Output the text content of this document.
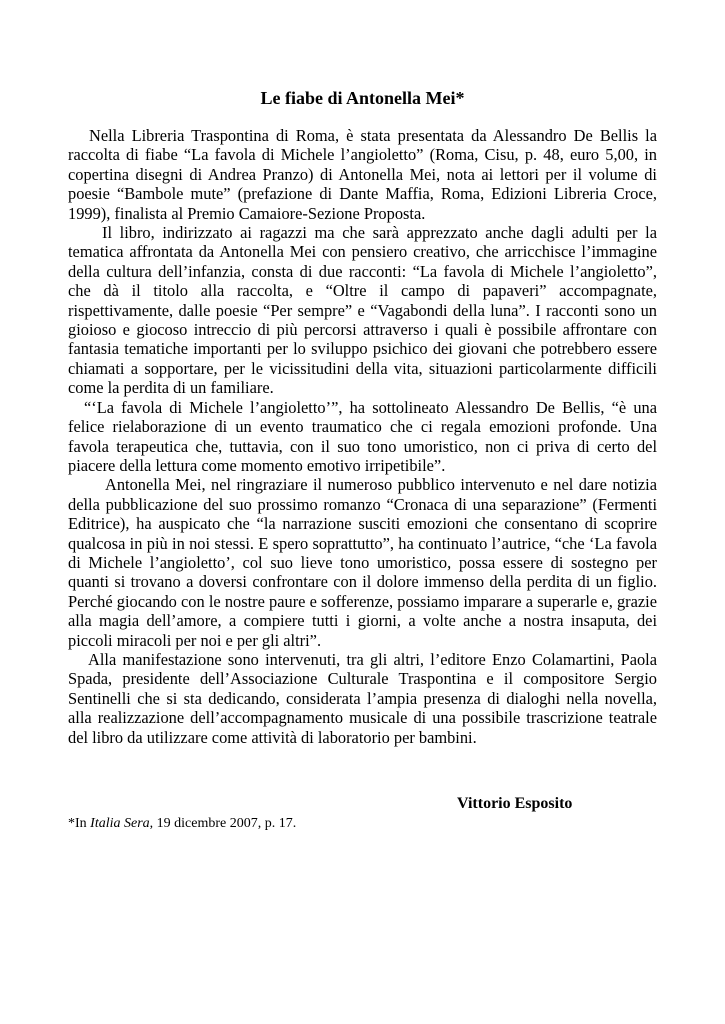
Le fiabe di Antonella Mei*

Nella Libreria Traspontina di Roma, è stata presentata da Alessandro De Bellis la raccolta di fiabe “La favola di Michele l’angioletto” (Roma, Cisu, p. 48, euro 5,00, in copertina disegni di Andrea Pranzo) di Antonella Mei, nota ai lettori per il volume di poesie “Bambole mute” (prefazione di Dante Maffia, Roma, Edizioni Libreria Croce, 1999), finalista al Premio Camaiore-Sezione Proposta.

Il libro, indirizzato ai ragazzi ma che sarà apprezzato anche dagli adulti per la tematica affrontata da Antonella Mei con pensiero creativo, che arricchisce l’immagine della cultura dell’infanzia, consta di due racconti: “La favola di Michele l’angioletto”, che dà il titolo alla raccolta, e “Oltre il campo di papaveri” accompagnate, rispettivamente, dalle poesie “Per sempre” e “Vagabondi della luna”. I racconti sono un gioioso e giocoso intreccio di più percorsi attraverso i quali è possibile affrontare con fantasia tematiche importanti per lo sviluppo psichico dei giovani che potrebbero essere chiamati a sopportare, per le vicissitudini della vita, situazioni particolarmente difficili come la perdita di un familiare.

“‘La favola di Michele l’angioletto’”, ha sottolineato Alessandro De Bellis, “è una felice rielaborazione di un evento traumatico che ci regala emozioni profonde. Una favola terapeutica che, tuttavia, con il suo tono umoristico, non ci priva di certo del piacere della lettura come momento emotivo irripetibile”.

Antonella Mei, nel ringraziare il numeroso pubblico intervenuto e nel dare notizia della pubblicazione del suo prossimo romanzo “Cronaca di una separazione” (Fermenti Editrice), ha auspicato che “la narrazione susciti emozioni che consentano di scoprire qualcosa in più in noi stessi. E spero soprattutto”, ha continuato l’autrice, “che ‘La favola di Michele l’angioletto’, col suo lieve tono umoristico, possa essere di sostegno per quanti si trovano a doversi confrontare con il dolore immenso della perdita di un figlio. Perché giocando con le nostre paure e sofferenze, possiamo imparare a superarle e, grazie alla magia dell’amore, a compiere tutti i giorni, a volte anche a nostra insaputa, dei piccoli miracoli per noi e per gli altri”.

Alla manifestazione sono intervenuti, tra gli altri, l’editore Enzo Colamartini, Paola Spada, presidente dell’Associazione Culturale Traspontina e il compositore Sergio Sentinelli che si sta dedicando, considerata l’ampia presenza di dialoghi nella novella, alla realizzazione dell’accompagnamento musicale di una possibile trascrizione teatrale del libro da utilizzare come attività di laboratorio per bambini.

Vittorio Esposito
*In Italia Sera, 19 dicembre 2007, p. 17.
